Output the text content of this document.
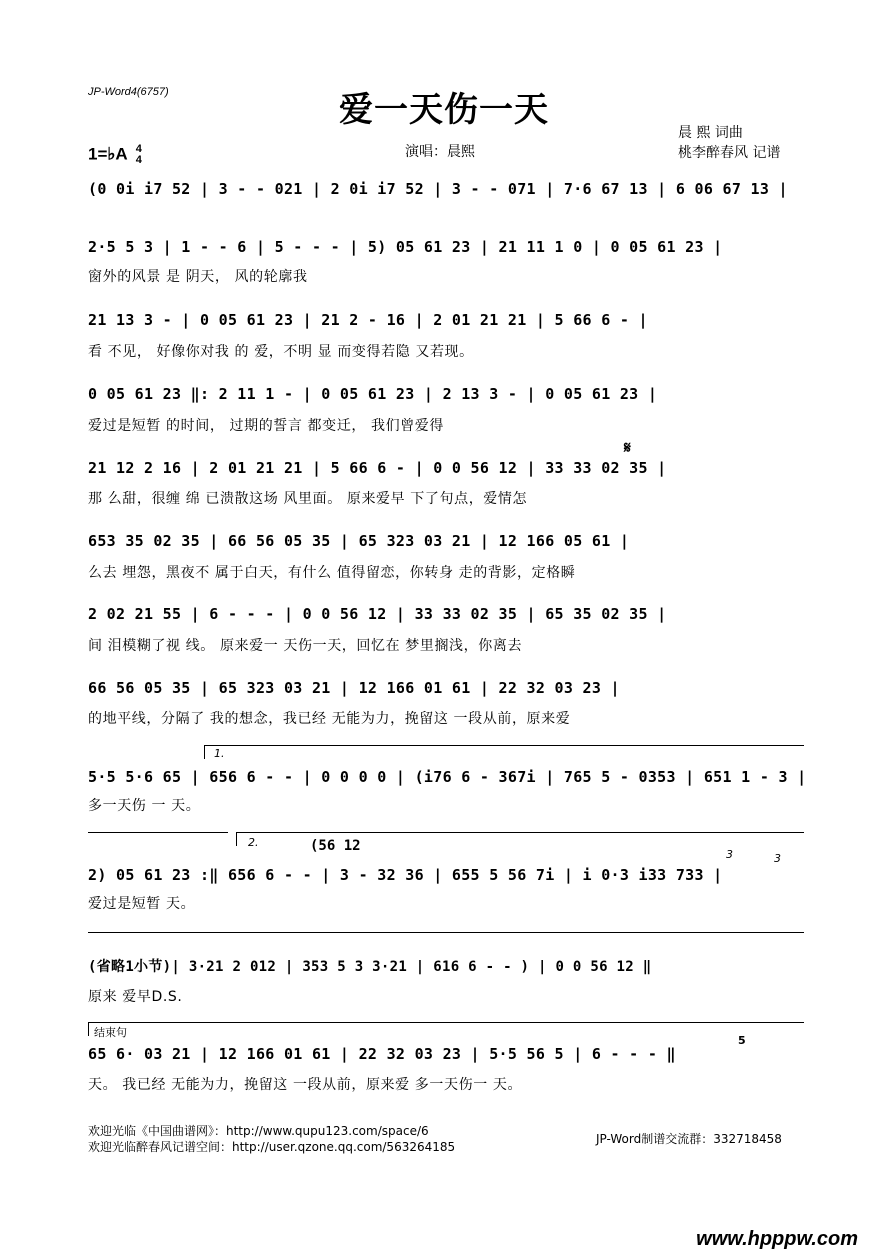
JP-Word4(6757)	爱一天伤一天
晨 熙 词曲
桃李醉春风 记谱
1=♭A 4
4	演唱：晨熙
(0 0i i7 52 | 3 - - 021 | 2 0i i7 52 | 3 - - 071 | 7·6 67 13 | 6 06 67 13 |
2·5 5 3 | 1 - - 6 | 5 - - - | 5) 05 61 23 | 21 11 1 0 | 0 05 61 23 |
窗外的风景 是 阴天， 风的轮廓我
21 13 3 - | 0 05 61 23 | 21 2 - 16 | 2 01 21 21 | 5 66 6 - |
看 不见， 好像你对我 的 爱，不明 显 而变得若隐 又若现。
0 05 61 23 ‖: 2 11 1 - | 0 05 61 23 | 2 13 3 - | 0 05 61 23 |
爱过是短暂 的时间， 过期的誓言 都变迁， 我们曾爱得
𝄋
21 12 2 16 | 2 01 21 21 | 5 66 6 - | 0 0 56 12 | 33 33 02 35 |
那 么甜，很缠 绵 已溃散这场 风里面。 原来爱早 下了句点，爱情怎
653 35 02 35 | 66 56 05 35 | 65 323 03 21 | 12 166 05 61 |
么去 埋怨，黑夜不 属于白天，有什么 值得留恋，你转身 走的背影，定格瞬
2 02 21 55 | 6 - - - | 0 0 56 12 | 33 33 02 35 | 65 35 02 35 |
间 泪模糊了视 线。 原来爱一 天伤一天，回忆在 梦里搁浅，你离去
66 56 05 35 | 65 323 03 21 | 12 166 01 61 | 22 32 03 23 |
的地平线，分隔了 我的想念，我已经 无能为力，挽留这 一段从前，原来爱
1.
5·5 5·6 65 | 656 6 - - | 0 0 0 0 | (i76 6 - 367i | 765 5 - 0353 | 651 1 - 3 |
多一天伤 一 天。
2.	(56 12
3	3
2) 05 61 23 :‖ 656 6 - - | 3 - 32 36 | 655 5 56 7i | i 0·3 i33 733 |
爱过是短暂 天。
(省略1小节)| 3·21 2 012 | 353 5 3 3·21 | 616 6 - - ) | 0 0 56 12 ‖
原来 爱早D.S.
结束句
5
65 6· 03 21 | 12 166 01 61 | 22 32 03 23 | 5·5 56 5 | 6 - - - ‖
天。 我已经 无能为力，挽留这 一段从前，原来爱 多一天伤一 天。
欢迎光临《中国曲谱网》：http://www.qupu123.com/space/6
欢迎光临醉春风记谱空间：http://user.qzone.qq.com/563264185
JP-Word制谱交流群：332718458
www.hpppw.com
